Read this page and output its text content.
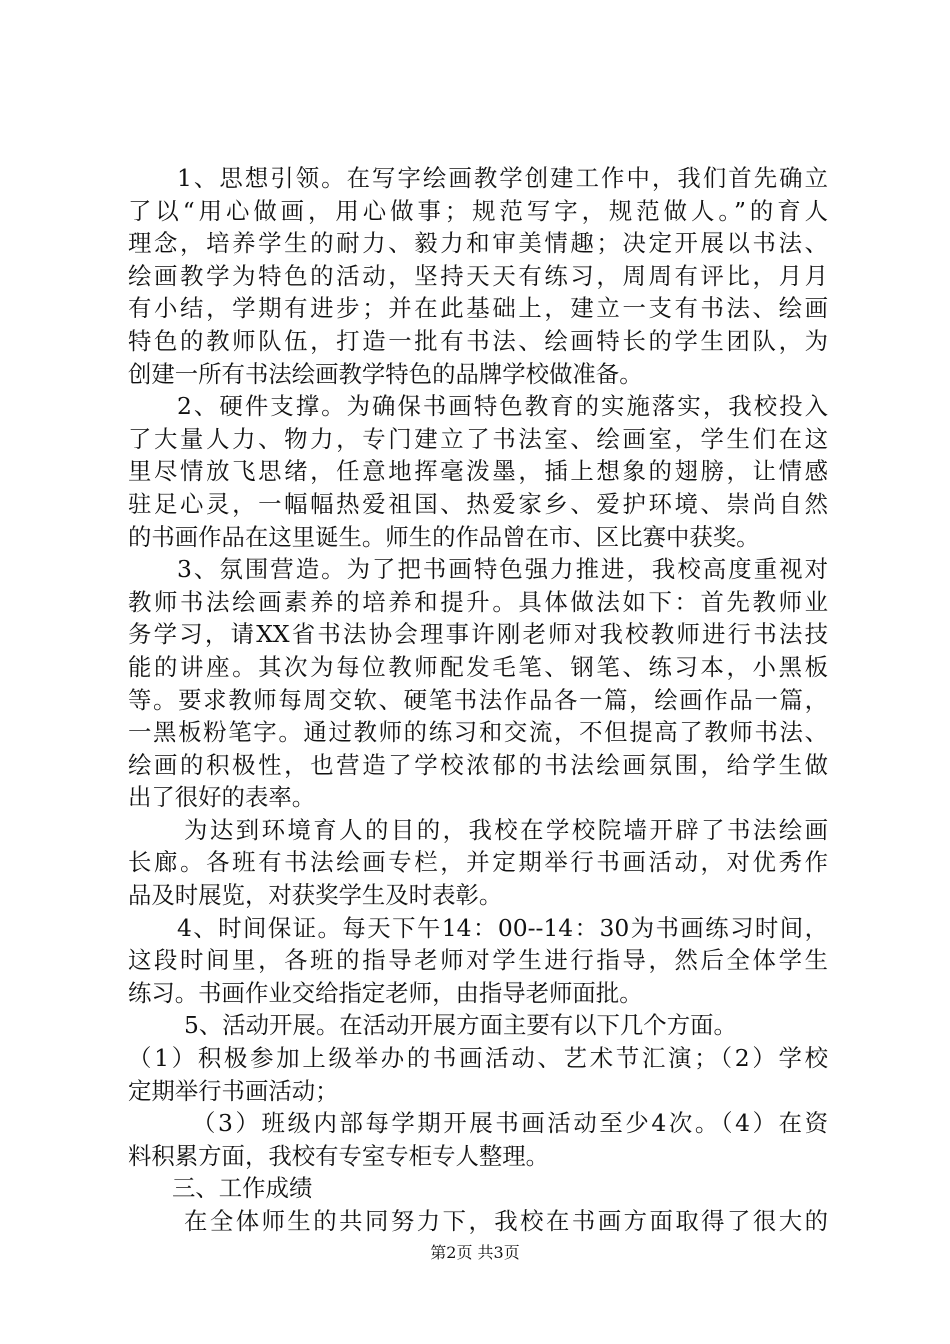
1、思想引领。在写字绘画教学创建工作中，我们首先确立
了以“用心做画，用心做事；规范写字，规范做人。”的育人
理念，培养学生的耐力、毅力和审美情趣；决定开展以书法、
绘画教学为特色的活动，坚持天天有练习，周周有评比，月月
有小结，学期有进步；并在此基础上，建立一支有书法、绘画
特色的教师队伍，打造一批有书法、绘画特长的学生团队，为
创建一所有书法绘画教学特色的品牌学校做准备。
2、硬件支撑。为确保书画特色教育的实施落实，我校投入
了大量人力、物力，专门建立了书法室、绘画室，学生们在这
里尽情放飞思绪，任意地挥毫泼墨，插上想象的翅膀，让情感
驻足心灵，一幅幅热爱祖国、热爱家乡、爱护环境、崇尚自然
的书画作品在这里诞生。师生的作品曾在市、区比赛中获奖。
3、氛围营造。为了把书画特色强力推进，我校高度重视对
教师书法绘画素养的培养和提升。具体做法如下：首先教师业
务学习，请XX省书法协会理事许刚老师对我校教师进行书法技
能的讲座。其次为每位教师配发毛笔、钢笔、练习本，小黑板
等。要求教师每周交软、硬笔书法作品各一篇，绘画作品一篇，
一黑板粉笔字。通过教师的练习和交流，不但提高了教师书法、
绘画的积极性，也营造了学校浓郁的书法绘画氛围，给学生做
出了很好的表率。
为达到环境育人的目的，我校在学校院墙开辟了书法绘画
长廊。各班有书法绘画专栏，并定期举行书画活动，对优秀作
品及时展览，对获奖学生及时表彰。
4、时间保证。每天下午14：00--14：30为书画练习时间，
这段时间里，各班的指导老师对学生进行指导，然后全体学生
练习。书画作业交给指定老师，由指导老师面批。
5、活动开展。在活动开展方面主要有以下几个方面。
（1）积极参加上级举办的书画活动、艺术节汇演；（2）学校
定期举行书画活动；
（3）班级内部每学期开展书画活动至少4次。（4）在资
料积累方面，我校有专室专柜专人整理。
三、工作成绩
在全体师生的共同努力下，我校在书画方面取得了很大的
第2页 共3页
